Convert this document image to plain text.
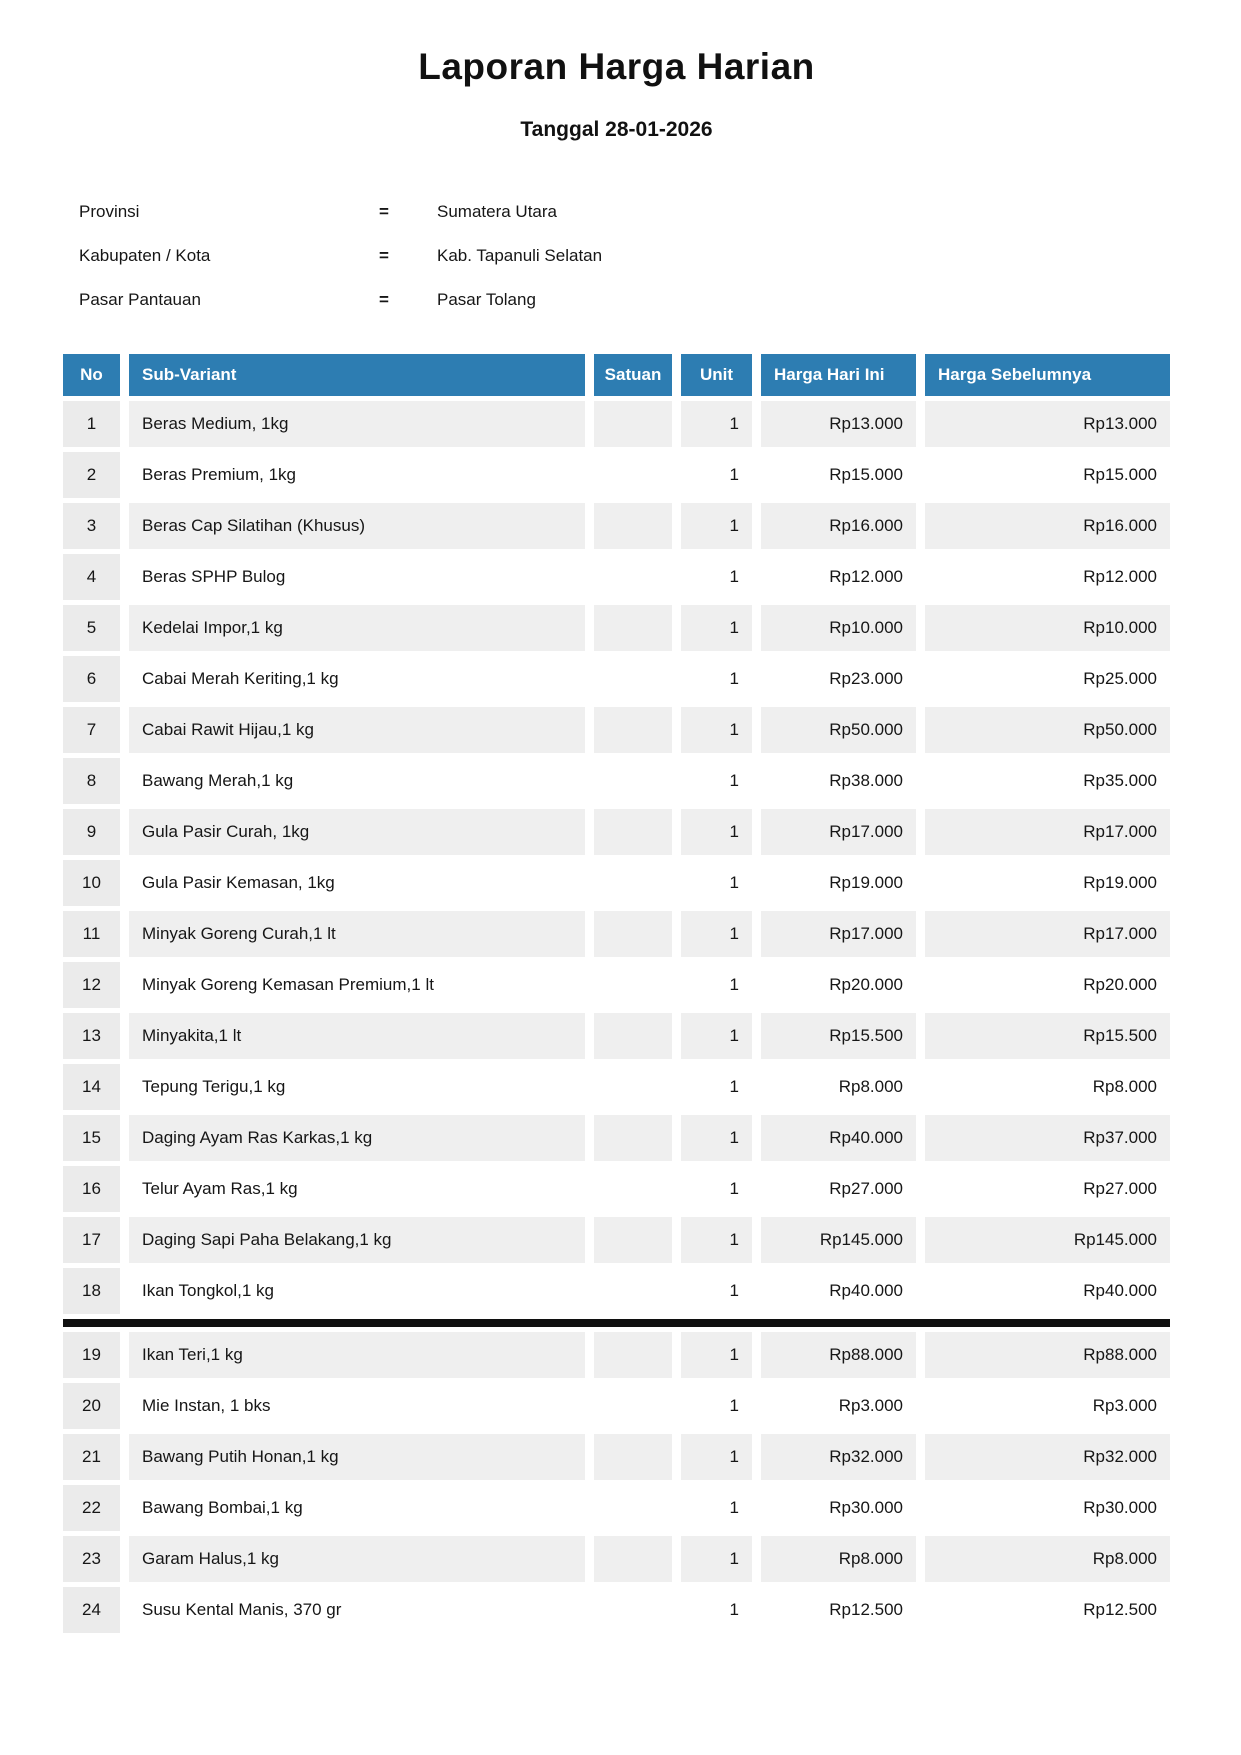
Laporan Harga Harian
Tanggal 28-01-2026
Provinsi	=	Sumatera Utara
Kabupaten / Kota	=	Kab. Tapanuli Selatan
Pasar Pantauan	=	Pasar Tolang
No	Sub-Variant	Satuan	Unit	Harga Hari Ini	Harga Sebelumnya
1	Beras Medium, 1kg		1	Rp13.000	Rp13.000
2	Beras Premium, 1kg		1	Rp15.000	Rp15.000
3	Beras Cap Silatihan (Khusus)		1	Rp16.000	Rp16.000
4	Beras SPHP Bulog		1	Rp12.000	Rp12.000
5	Kedelai Impor,1 kg		1	Rp10.000	Rp10.000
6	Cabai Merah Keriting,1 kg		1	Rp23.000	Rp25.000
7	Cabai Rawit Hijau,1 kg		1	Rp50.000	Rp50.000
8	Bawang Merah,1 kg		1	Rp38.000	Rp35.000
9	Gula Pasir Curah, 1kg		1	Rp17.000	Rp17.000
10	Gula Pasir Kemasan, 1kg		1	Rp19.000	Rp19.000
11	Minyak Goreng Curah,1 lt		1	Rp17.000	Rp17.000
12	Minyak Goreng Kemasan Premium,1 lt		1	Rp20.000	Rp20.000
13	Minyakita,1 lt		1	Rp15.500	Rp15.500
14	Tepung Terigu,1 kg		1	Rp8.000	Rp8.000
15	Daging Ayam Ras Karkas,1 kg		1	Rp40.000	Rp37.000
16	Telur Ayam Ras,1 kg		1	Rp27.000	Rp27.000
17	Daging Sapi Paha Belakang,1 kg		1	Rp145.000	Rp145.000
18	Ikan Tongkol,1 kg		1	Rp40.000	Rp40.000

19	Ikan Teri,1 kg		1	Rp88.000	Rp88.000
20	Mie Instan, 1 bks		1	Rp3.000	Rp3.000
21	Bawang Putih Honan,1 kg		1	Rp32.000	Rp32.000
22	Bawang Bombai,1 kg		1	Rp30.000	Rp30.000
23	Garam Halus,1 kg		1	Rp8.000	Rp8.000
24	Susu Kental Manis, 370 gr		1	Rp12.500	Rp12.500
